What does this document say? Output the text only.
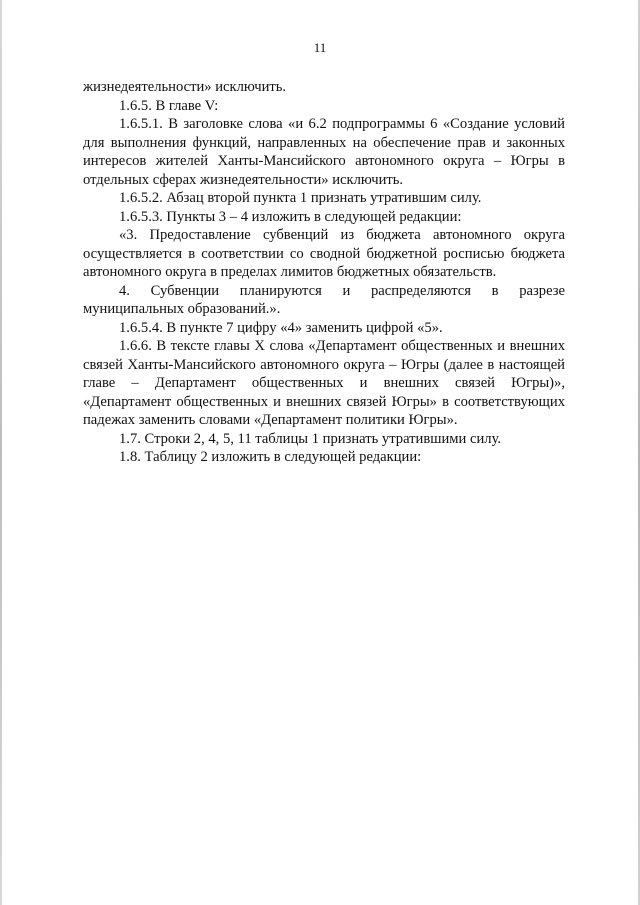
11

жизнедеятельности» исключить.

1.6.5. В главе V:

1.6.5.1. В заголовке слова «и 6.2 подпрограммы 6 «Создание условий для выполнения функций, направленных на обеспечение прав и законных интересов жителей Ханты-Мансийского автономного округа – Югры в отдельных сферах жизнедеятельности» исключить.

1.6.5.2. Абзац второй пункта 1 признать утратившим силу.

1.6.5.3. Пункты 3 – 4 изложить в следующей редакции:

«3. Предоставление субвенций из бюджета автономного округа осуществляется в соответствии со сводной бюджетной росписью бюджета автономного округа в пределах лимитов бюджетных обязательств.

4. Субвенции планируются и распределяются в разрезе муниципальных образований.».

1.6.5.4. В пункте 7 цифру «4» заменить цифрой «5».

1.6.6. В тексте главы X слова «Департамент общественных и внешних связей Ханты-Мансийского автономного округа – Югры (далее в настоящей главе – Департамент общественных и внешних связей Югры)», «Департамент общественных и внешних связей Югры» в соответствующих падежах заменить словами «Департамент политики Югры».

1.7. Строки 2, 4, 5, 11 таблицы 1 признать утратившими силу.

1.8. Таблицу 2 изложить в следующей редакции:
